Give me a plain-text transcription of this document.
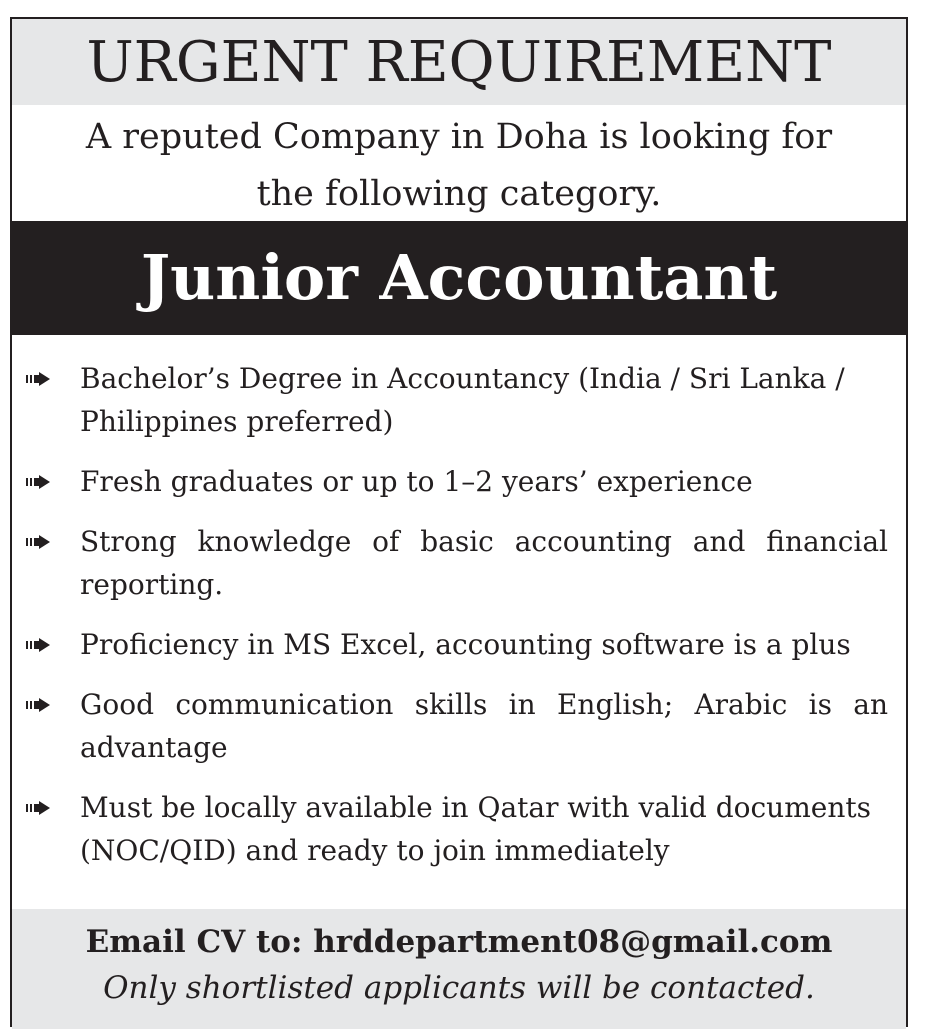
URGENT REQUIREMENT
A reputed Company in Doha is looking for
the following category.
Junior Accountant
Bachelor’s Degree in Accountancy (India / Sri Lanka / Philippines preferred)
Fresh graduates or up to 1–2 years’ experience
Strong knowledge of basic accounting and financial reporting.
Proficiency in MS Excel, accounting software is a plus
Good communication skills in English; Arabic is an advantage
Must be locally available in Qatar with valid documents (NOC/QID) and ready to join immediately
Email CV to: hrddepartment08@gmail.com
Only shortlisted applicants will be contacted.
